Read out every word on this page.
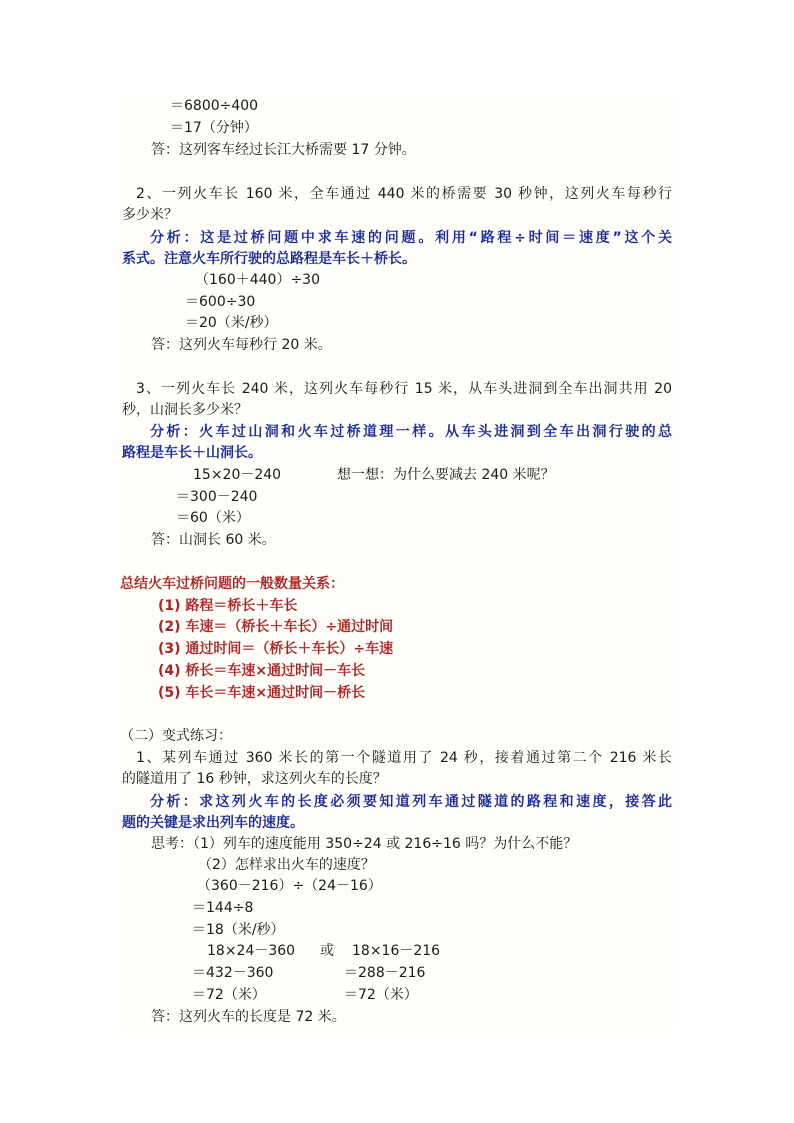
＝6800÷400
＝17（分钟）
答：这列客车经过长江大桥需要 17 分钟。
2、一列火车长 160 米，全车通过 440 米的桥需要 30 秒钟，这列火车每秒行
多少米？
分析：这是过桥问题中求车速的问题。利用“路程÷时间＝速度”这个关
系式。注意火车所行驶的总路程是车长＋桥长。
（160＋440）÷30
＝600÷30
＝20（米/秒）
答：这列火车每秒行 20 米。
3、一列火车长 240 米，这列火车每秒行 15 米，从车头进洞到全车出洞共用 20
秒，山洞长多少米？
分析：火车过山洞和火车过桥道理一样。从车头进洞到全车出洞行驶的总
路程是车长＋山洞长。
15×20－240	想一想：为什么要减去 240 米呢？
＝300－240
＝60（米）
答：山洞长 60 米。
总结火车过桥问题的一般数量关系：
(1) 路程＝桥长＋车长
(2) 车速＝（桥长＋车长）÷通过时间
(3) 通过时间＝（桥长＋车长）÷车速
(4) 桥长＝车速×通过时间－车长
(5) 车长＝车速×通过时间－桥长
（二）变式练习：
1、某列车通过 360 米长的第一个隧道用了 24 秒，接着通过第二个 216 米长
的隧道用了 16 秒钟，求这列火车的长度？
分析：求这列火车的长度必须要知道列车通过隧道的路程和速度，接答此
题的关键是求出列车的速度。
思考：（1）列车的速度能用 350÷24 或 216÷16 吗？为什么不能？
（2）怎样求出火车的速度？
（360－216）÷（24－16）
＝144÷8
＝18（米/秒）
18×24－360 或 18×16－216
＝432－360	＝288－216
＝72（米）	＝72（米）
答：这列火车的长度是 72 米。
